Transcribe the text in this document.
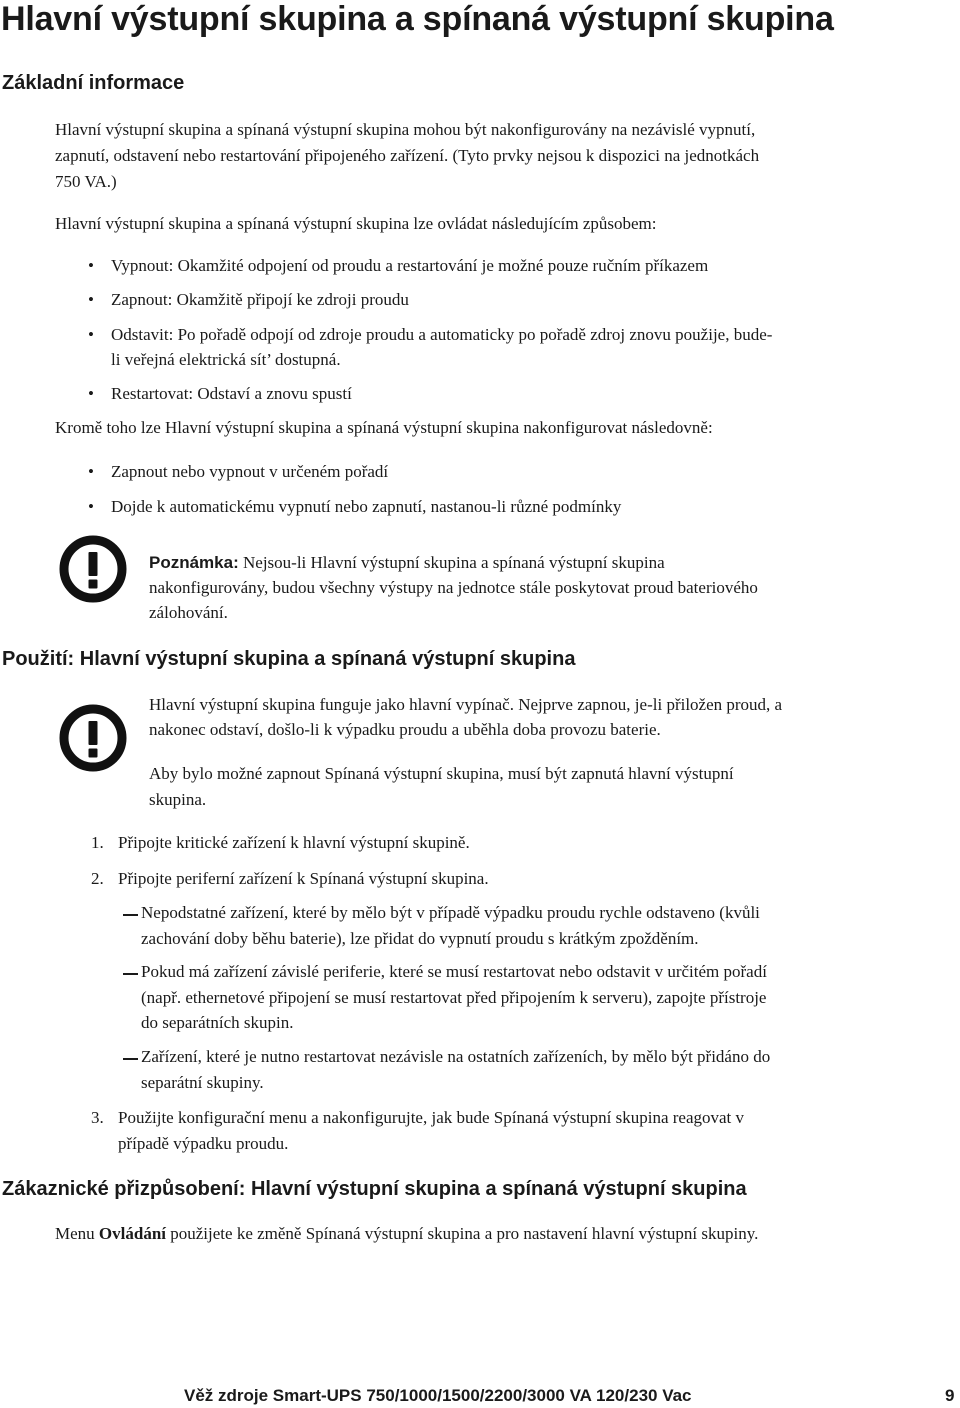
Hlavní výstupní skupina a spínaná výstupní skupina
Základní informace
Hlavní výstupní skupina a spínaná výstupní skupina mohou být nakonfigurovány na nezávislé vypnutí,
zapnutí, odstavení nebo restartování připojeného zařízení. (Tyto prvky nejsou k dispozici na jednotkách
750 VA.)
Hlavní výstupní skupina a spínaná výstupní skupina lze ovládat následujícím způsobem:
• Vypnout: Okamžité odpojení od proudu a restartování je možné pouze ručním příkazem
• Zapnout: Okamžitě připojí ke zdroji proudu
• Odstavit: Po pořadě odpojí od zdroje proudu a automaticky po pořadě zdroj znovu použije, bude-
li veřejná elektrická sít’ dostupná.
• Restartovat: Odstaví a znovu spustí
Kromě toho lze Hlavní výstupní skupina a spínaná výstupní skupina nakonfigurovat následovně:
• Zapnout nebo vypnout v určeném pořadí
• Dojde k automatickému vypnutí nebo zapnutí, nastanou-li různé podmínky
Poznámka: Nejsou-li Hlavní výstupní skupina a spínaná výstupní skupina
nakonfigurovány, budou všechny výstupy na jednotce stále poskytovat proud bateriového
zálohování.
Použití: Hlavní výstupní skupina a spínaná výstupní skupina
Hlavní výstupní skupina funguje jako hlavní vypínač. Nejprve zapnou, je-li přiložen proud, a
nakonec odstaví, došlo-li k výpadku proudu a uběhla doba provozu baterie.
Aby bylo možné zapnout Spínaná výstupní skupina, musí být zapnutá hlavní výstupní
skupina.
1. Připojte kritické zařízení k hlavní výstupní skupině.
2. Připojte periferní zařízení k Spínaná výstupní skupina.
Nepodstatné zařízení, které by mělo být v případě výpadku proudu rychle odstaveno (kvůli
zachování doby běhu baterie), lze přidat do vypnutí proudu s krátkým zpožděním.
Pokud má zařízení závislé periferie, které se musí restartovat nebo odstavit v určitém pořadí
(např. ethernetové připojení se musí restartovat před připojením k serveru), zapojte přístroje
do separátních skupin.
Zařízení, které je nutno restartovat nezávisle na ostatních zařízeních, by mělo být přidáno do
separátní skupiny.
3. Použijte konfigurační menu a nakonfigurujte, jak bude Spínaná výstupní skupina reagovat v
případě výpadku proudu.
Zákaznické přizpůsobení: Hlavní výstupní skupina a spínaná výstupní skupina
Menu Ovládání použijete ke změně Spínaná výstupní skupina a pro nastavení hlavní výstupní skupiny.
Věž zdroje Smart-UPS 750/1000/1500/2200/3000 VA 120/230 Vac	9
